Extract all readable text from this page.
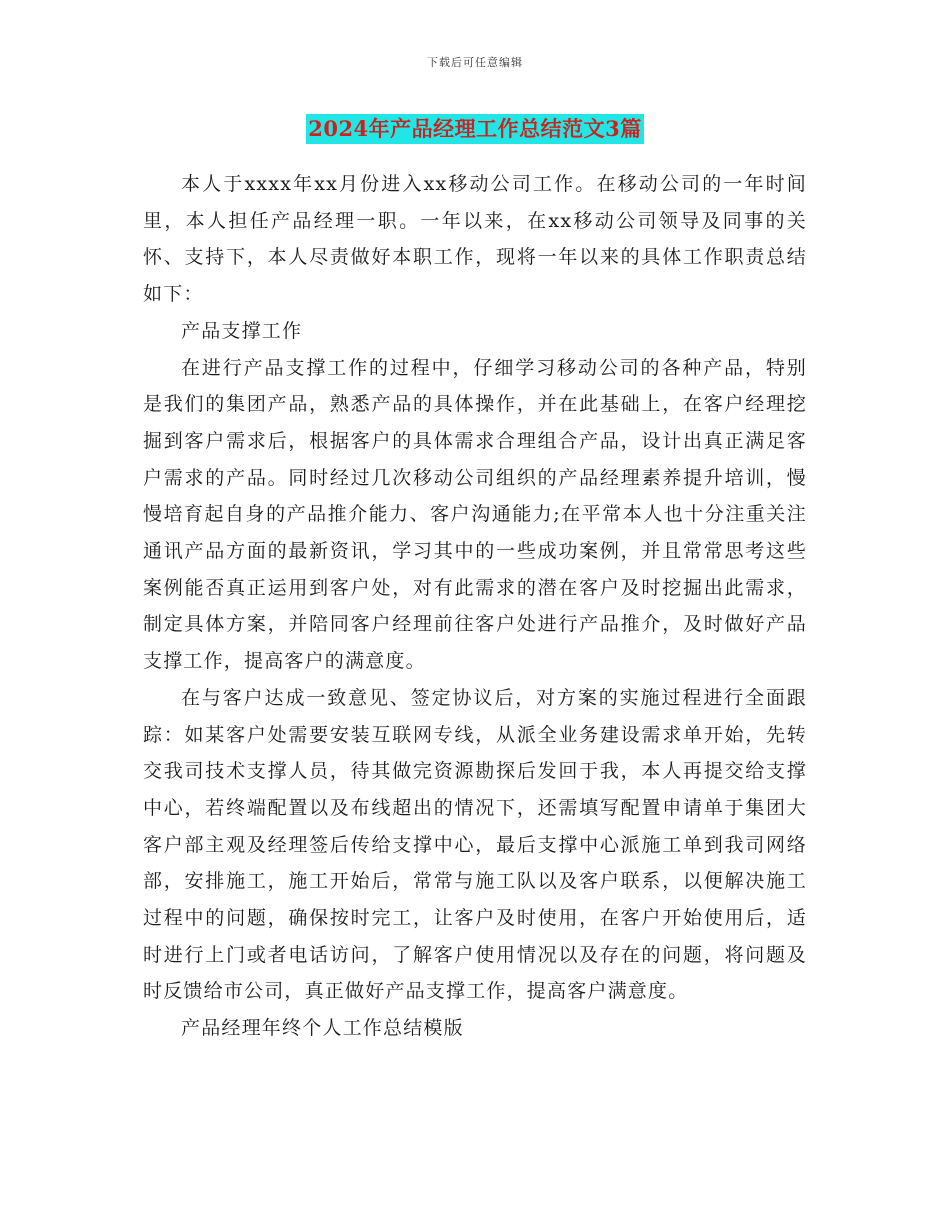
下载后可任意编辑
2024年产品经理工作总结范文3篇

本人于xxxx年xx月份进入xx移动公司工作。在移动公司的一年时间里，本人担任产品经理一职。一年以来，在xx移动公司领导及同事的关怀、支持下，本人尽责做好本职工作，现将一年以来的具体工作职责总结如下：

产品支撑工作

在进行产品支撑工作的过程中，仔细学习移动公司的各种产品，特别是我们的集团产品，熟悉产品的具体操作，并在此基础上，在客户经理挖掘到客户需求后，根据客户的具体需求合理组合产品，设计出真正满足客户需求的产品。同时经过几次移动公司组织的产品经理素养提升培训，慢慢培育起自身的产品推介能力、客户沟通能力;在平常本人也十分注重关注通讯产品方面的最新资讯，学习其中的一些成功案例，并且常常思考这些案例能否真正运用到客户处，对有此需求的潜在客户及时挖掘出此需求，制定具体方案，并陪同客户经理前往客户处进行产品推介，及时做好产品支撑工作，提高客户的满意度。

在与客户达成一致意见、签定协议后，对方案的实施过程进行全面跟踪：如某客户处需要安装互联网专线，从派全业务建设需求单开始，先转交我司技术支撑人员，待其做完资源勘探后发回于我，本人再提交给支撑中心，若终端配置以及布线超出的情况下，还需填写配置申请单于集团大客户部主观及经理签后传给支撑中心，最后支撑中心派施工单到我司网络部，安排施工，施工开始后，常常与施工队以及客户联系，以便解决施工过程中的问题，确保按时完工，让客户及时使用，在客户开始使用后，适时进行上门或者电话访问，了解客户使用情况以及存在的问题，将问题及时反馈给市公司，真正做好产品支撑工作，提高客户满意度。

产品经理年终个人工作总结模版
